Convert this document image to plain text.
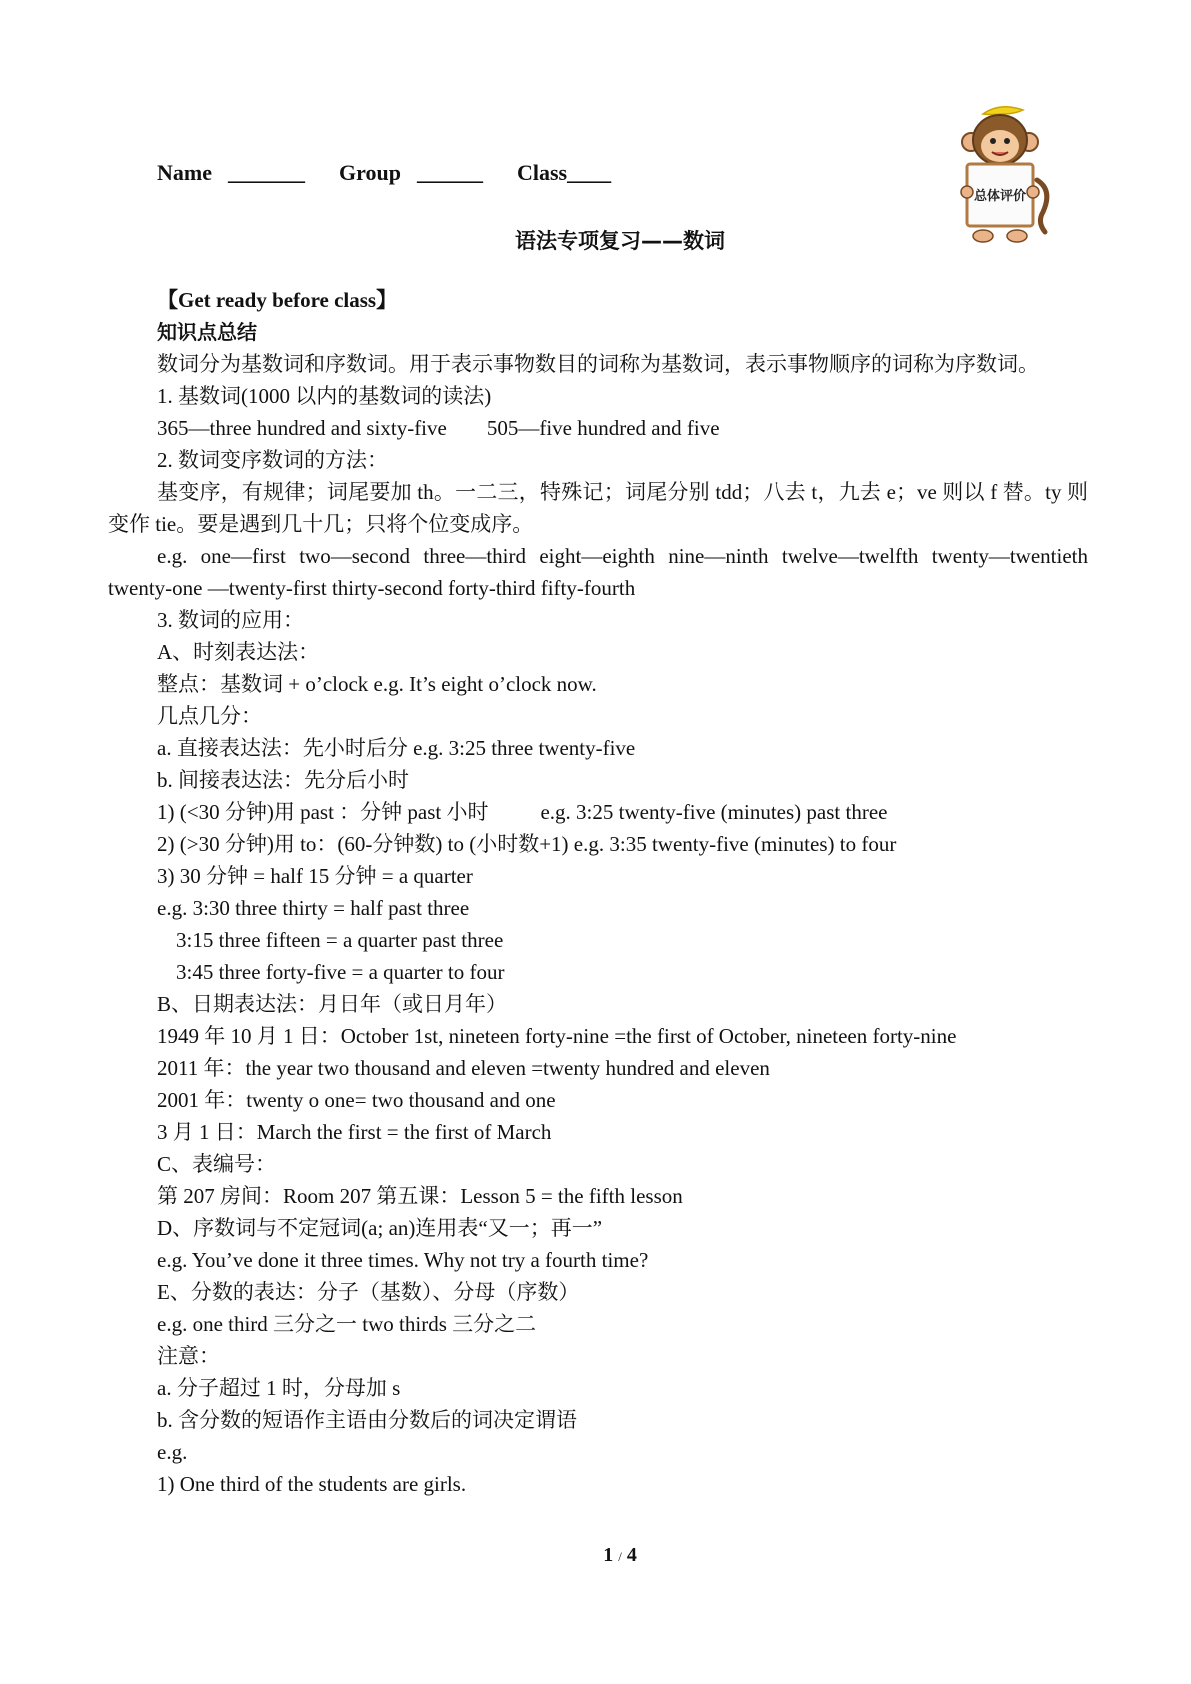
Name _______ Group ______ Class____
总体评价
语法专项复习——数词

【Get ready before class】

知识点总结

数词分为基数词和序数词。用于表示事物数目的词称为基数词，表示事物顺序的词称为序数词。

1. 基数词(1000 以内的基数词的读法)

365—three hundred and sixty-five 505—five hundred and five

2. 数词变序数词的方法：

基变序，有规律；词尾要加 th。一二三，特殊记；词尾分别 tdd；八去 t，九去 e；ve 则以 f 替。ty 则变作 tie。要是遇到几十几；只将个位变成序。

e.g. one—first two—second three—third eight—eighth nine—ninth twelve—twelfth twenty—twentieth twenty-one —twenty-first thirty-second forty-third fifty-fourth

3. 数词的应用：

A、时刻表达法：

整点：基数词 + o’clock e.g. It’s eight o’clock now.

几点几分：

a. 直接表达法：先小时后分 e.g. 3:25 three twenty-five

b. 间接表达法：先分后小时

1) (<30 分钟)用 past ：分钟 past 小时 e.g. 3:25 twenty-five (minutes) past three

2) (>30 分钟)用 to：(60-分钟数) to (小时数+1) e.g. 3:35 twenty-five (minutes) to four

3) 30 分钟 = half 15 分钟 = a quarter

e.g. 3:30 three thirty = half past three

3:15 three fifteen = a quarter past three

3:45 three forty-five = a quarter to four

B、日期表达法：月日年（或日月年）

1949 年 10 月 1 日：October 1st, nineteen forty-nine =the first of October, nineteen forty-nine

2011 年：the year two thousand and eleven =twenty hundred and eleven

2001 年：twenty o one= two thousand and one

3 月 1 日：March the first = the first of March

C、表编号：

第 207 房间：Room 207 第五课：Lesson 5 = the fifth lesson

D、序数词与不定冠词(a; an)连用表“又一；再一”

e.g. You’ve done it three times. Why not try a fourth time?

E、分数的表达：分子（基数）、分母（序数）

e.g. one third 三分之一 two thirds 三分之二

注意：

a. 分子超过 1 时，分母加 s

b. 含分数的短语作主语由分数后的词决定谓语

e.g.

1) One third of the students are girls.

1 / 4
